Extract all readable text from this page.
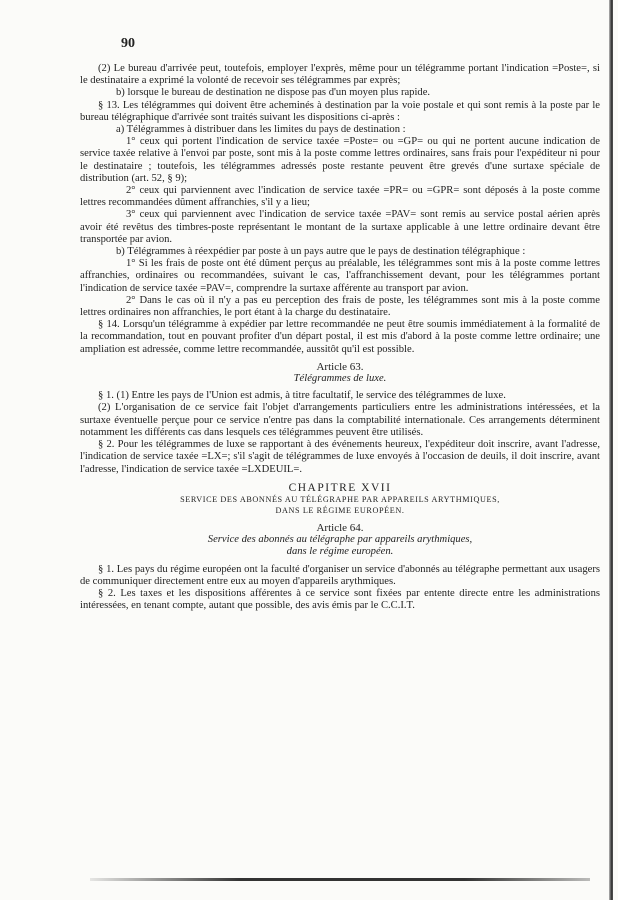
90

(2) Le bureau d'arrivée peut, toutefois, employer l'exprès, même pour un télégramme portant l'indication =Poste=, si le destinataire a exprimé la volonté de recevoir ses télégrammes par exprès;

b) lorsque le bureau de destination ne dispose pas d'un moyen plus rapide.

§ 13. Les télégrammes qui doivent être acheminés à destination par la voie postale et qui sont remis à la poste par le bureau télégraphique d'arrivée sont traités suivant les dispositions ci-après :

a) Télégrammes à distribuer dans les limites du pays de destination :

1° ceux qui portent l'indication de service taxée =Poste= ou =GP= ou qui ne portent aucune indication de service taxée relative à l'envoi par poste, sont mis à la poste comme lettres ordinaires, sans frais pour l'expéditeur ni pour le destinataire ; toutefois, les télégrammes adressés poste restante peuvent être grevés d'une surtaxe spéciale de distribution (art. 52, § 9);

2° ceux qui parviennent avec l'indication de service taxée =PR= ou =GPR= sont déposés à la poste comme lettres recommandées dûment affranchies, s'il y a lieu;

3° ceux qui parviennent avec l'indication de service taxée =PAV= sont remis au service postal aérien après avoir été revêtus des timbres-poste représentant le montant de la surtaxe applicable à une lettre ordinaire devant être transportée par avion.

b) Télégrammes à réexpédier par poste à un pays autre que le pays de destination télégraphique :

1° Si les frais de poste ont été dûment perçus au préalable, les télégrammes sont mis à la poste comme lettres affranchies, ordinaires ou recommandées, suivant le cas, l'affranchissement devant, pour les télégrammes portant l'indication de service taxée =PAV=, comprendre la surtaxe afférente au transport par avion.

2° Dans le cas où il n'y a pas eu perception des frais de poste, les télégrammes sont mis à la poste comme lettres ordinaires non affranchies, le port étant à la charge du destinataire.

§ 14. Lorsqu'un télégramme à expédier par lettre recommandée ne peut être soumis immédiatement à la formalité de la recommandation, tout en pouvant profiter d'un départ postal, il est mis d'abord à la poste comme lettre ordinaire; une ampliation est adressée, comme lettre recommandée, aussitôt qu'il est possible.

Article 63.

Télégrammes de luxe.

§ 1. (1) Entre les pays de l'Union est admis, à titre facultatif, le service des télégrammes de luxe.

(2) L'organisation de ce service fait l'objet d'arrangements particuliers entre les administrations intéressées, et la surtaxe éventuelle perçue pour ce service n'entre pas dans la comptabilité internationale. Ces arrangements déterminent notamment les différents cas dans lesquels ces télégrammes peuvent être utilisés.

§ 2. Pour les télégrammes de luxe se rapportant à des événements heureux, l'expéditeur doit inscrire, avant l'adresse, l'indication de service taxée =LX=; s'il s'agit de télégrammes de luxe envoyés à l'occasion de deuils, il doit inscrire, avant l'adresse, l'indication de service taxée =LXDEUIL=.

CHAPITRE XVII

SERVICE DES ABONNÉS AU TÉLÉGRAPHE PAR APPAREILS ARYTHMIQUES,

DANS LE RÉGIME EUROPÉEN.

Article 64.

Service des abonnés au télégraphe par appareils arythmiques,

dans le régime européen.

§ 1. Les pays du régime européen ont la faculté d'organiser un service d'abonnés au télégraphe permettant aux usagers de communiquer directement entre eux au moyen d'appareils arythmiques.

§ 2. Les taxes et les dispositions afférentes à ce service sont fixées par entente directe entre les administrations intéressées, en tenant compte, autant que possible, des avis émis par le C.C.I.T.
